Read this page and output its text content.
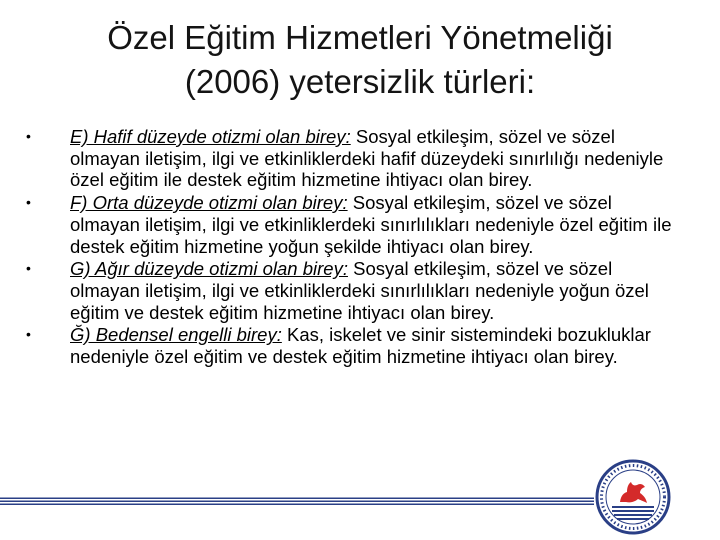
Özel Eğitim Hizmetleri Yönetmeliği
(2006) yetersizlik türleri:
• E) Hafif düzeyde otizmi olan birey: Sosyal etkileşim, sözel ve sözel olmayan iletişim, ilgi ve etkinliklerdeki hafif düzeydeki sınırlılığı nedeniyle özel eğitim ile destek eğitim hizmetine ihtiyacı olan birey.
• F) Orta düzeyde otizmi olan birey: Sosyal etkileşim, sözel ve sözel olmayan iletişim, ilgi ve etkinliklerdeki sınırlılıkları nedeniyle özel eğitim ile destek eğitim hizmetine yoğun şekilde ihtiyacı olan birey.
• G) Ağır düzeyde otizmi olan birey: Sosyal etkileşim, sözel ve sözel olmayan iletişim, ilgi ve etkinliklerdeki sınırlılıkları nedeniyle yoğun özel eğitim ve destek eğitim hizmetine ihtiyacı olan birey.
• Ğ) Bedensel engelli birey: Kas, iskelet ve sinir sistemindeki bozukluklar nedeniyle özel eğitim ve destek eğitim hizmetine ihtiyacı olan birey.
